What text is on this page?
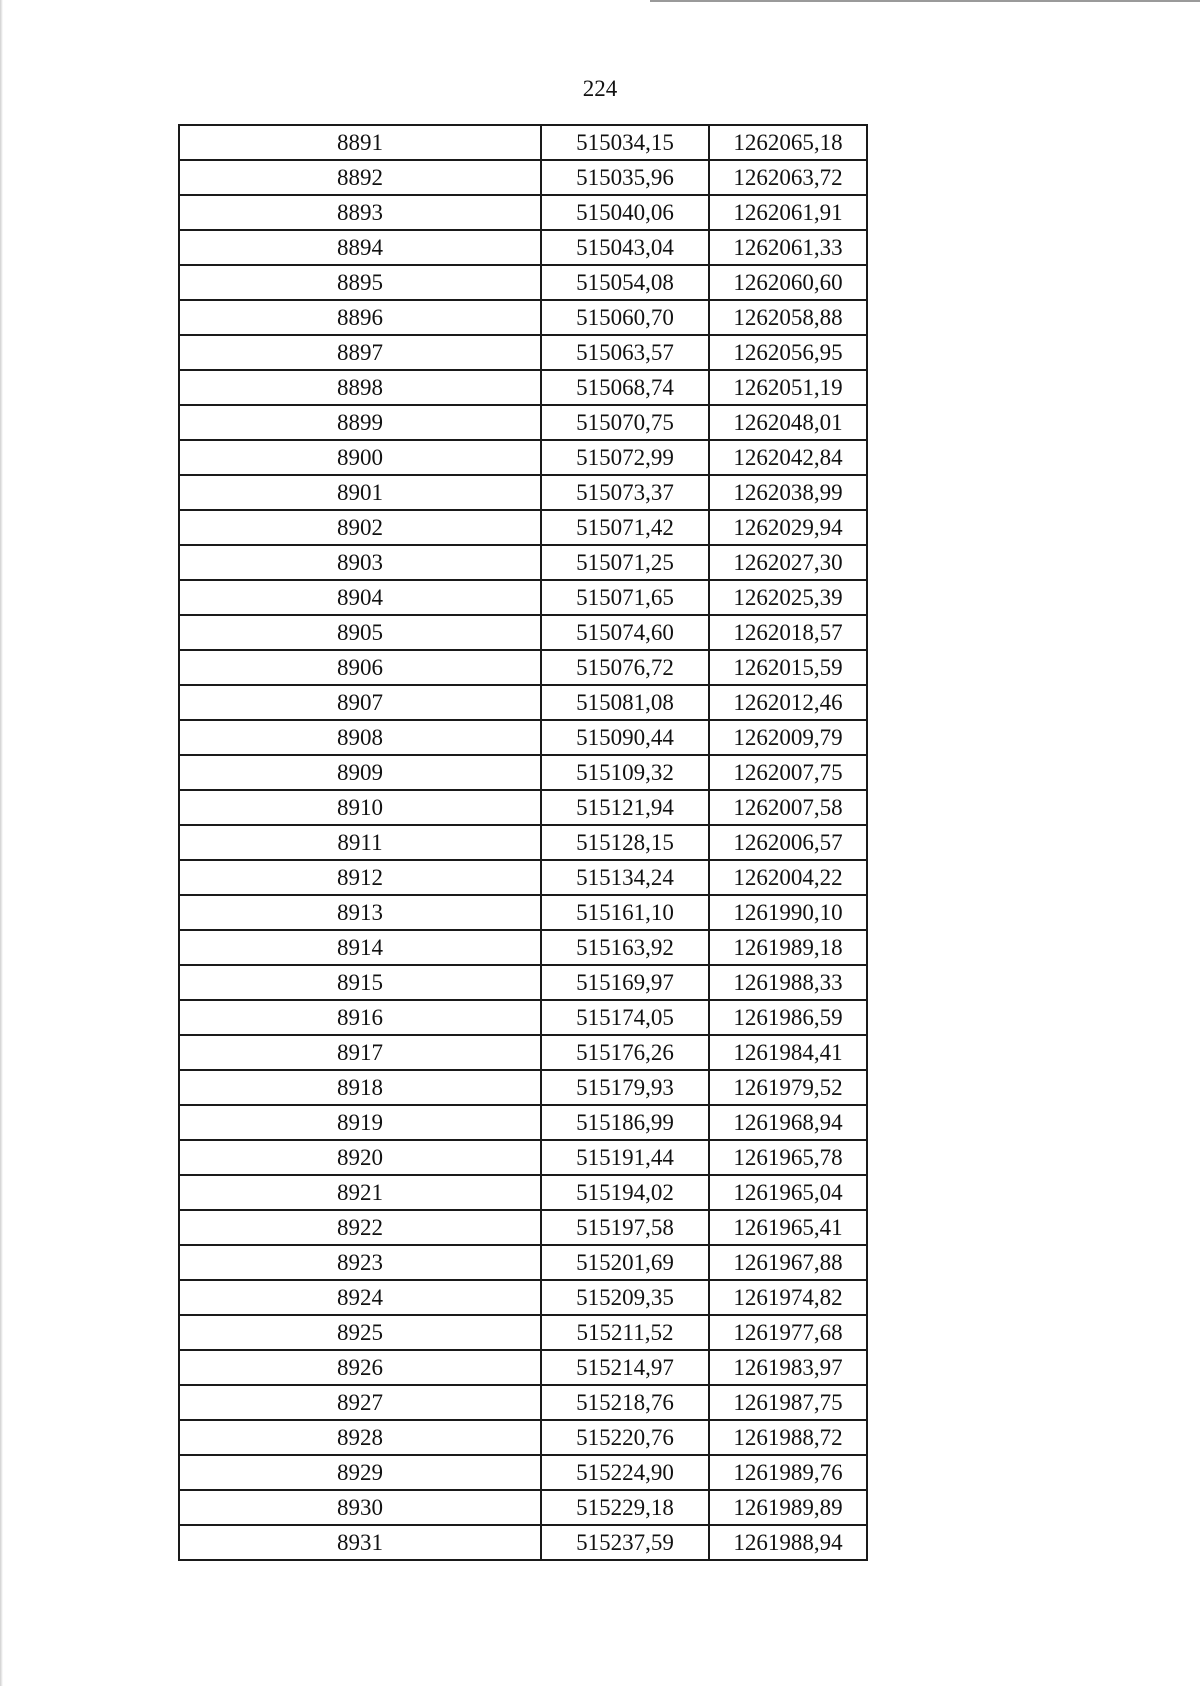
224
8891	515034,15	1262065,18
8892	515035,96	1262063,72
8893	515040,06	1262061,91
8894	515043,04	1262061,33
8895	515054,08	1262060,60
8896	515060,70	1262058,88
8897	515063,57	1262056,95
8898	515068,74	1262051,19
8899	515070,75	1262048,01
8900	515072,99	1262042,84
8901	515073,37	1262038,99
8902	515071,42	1262029,94
8903	515071,25	1262027,30
8904	515071,65	1262025,39
8905	515074,60	1262018,57
8906	515076,72	1262015,59
8907	515081,08	1262012,46
8908	515090,44	1262009,79
8909	515109,32	1262007,75
8910	515121,94	1262007,58
8911	515128,15	1262006,57
8912	515134,24	1262004,22
8913	515161,10	1261990,10
8914	515163,92	1261989,18
8915	515169,97	1261988,33
8916	515174,05	1261986,59
8917	515176,26	1261984,41
8918	515179,93	1261979,52
8919	515186,99	1261968,94
8920	515191,44	1261965,78
8921	515194,02	1261965,04
8922	515197,58	1261965,41
8923	515201,69	1261967,88
8924	515209,35	1261974,82
8925	515211,52	1261977,68
8926	515214,97	1261983,97
8927	515218,76	1261987,75
8928	515220,76	1261988,72
8929	515224,90	1261989,76
8930	515229,18	1261989,89
8931	515237,59	1261988,94
